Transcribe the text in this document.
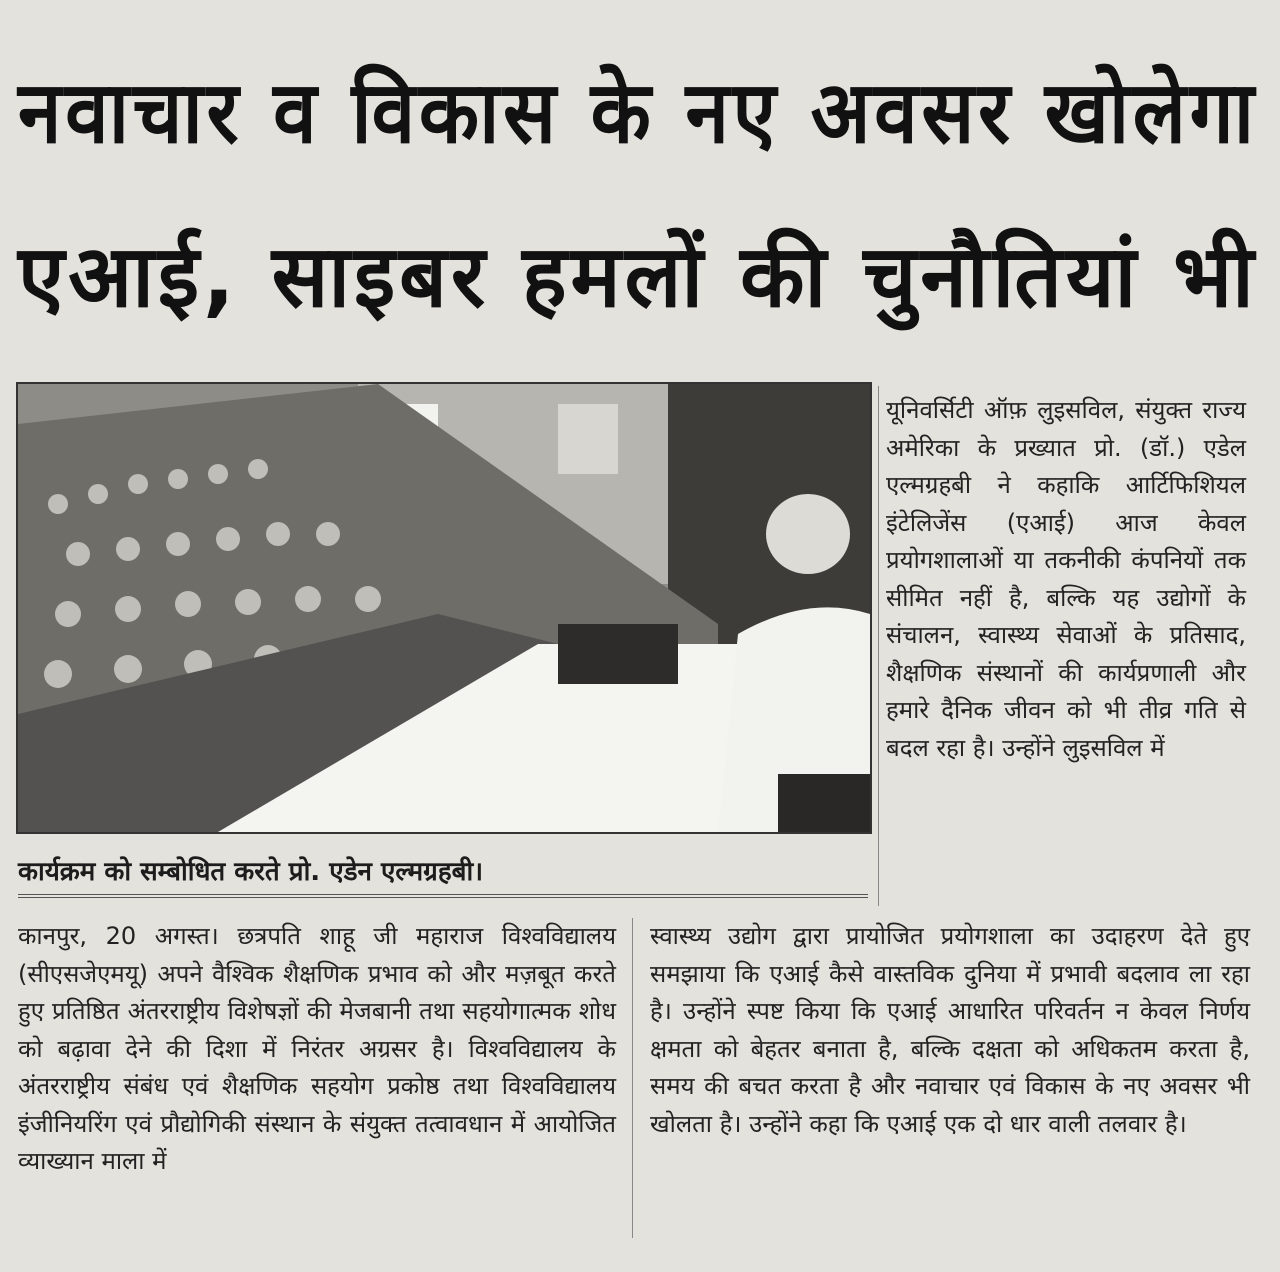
नवाचार व विकास के नए अवसर खोलेगा
एआई, साइबर हमलों की चुनौतियां भी
कार्यक्रम को सम्बोधित करते प्रो. एडेन एल्मग्रहबी।
यूनिवर्सिटी ऑफ़ लुइसविल, संयुक्त राज्य अमेरिका के प्रख्यात प्रो. (डॉ.) एडेल एल्मग्रहबी ने कहाकि आर्टिफिशियल इंटेलिजेंस (एआई) आज केवल प्रयोगशालाओं या तकनीकी कंपनियों तक सीमित नहीं है, बल्कि यह उद्योगों के संचालन, स्वास्थ्य सेवाओं के प्रतिसाद, शैक्षणिक संस्थानों की कार्यप्रणाली और हमारे दैनिक जीवन को भी तीव्र गति से बदल रहा है। उन्होंने लुइसविल में
कानपुर, 20 अगस्त। छत्रपति शाहू जी महाराज विश्वविद्यालय (सीएसजेएमयू) अपने वैश्विक शैक्षणिक प्रभाव को और मज़बूत करते हुए प्रतिष्ठित अंतरराष्ट्रीय विशेषज्ञों की मेजबानी तथा सहयोगात्मक शोध को बढ़ावा देने की दिशा में निरंतर अग्रसर है। विश्वविद्यालय के अंतरराष्ट्रीय संबंध एवं शैक्षणिक सहयोग प्रकोष्ठ तथा विश्वविद्यालय इंजीनियरिंग एवं प्रौद्योगिकी संस्थान के संयुक्त तत्वावधान में आयोजित व्याख्यान माला में
स्वास्थ्य उद्योग द्वारा प्रायोजित प्रयोगशाला का उदाहरण देते हुए समझाया कि एआई कैसे वास्तविक दुनिया में प्रभावी बदलाव ला रहा है। उन्होंने स्पष्ट किया कि एआई आधारित परिवर्तन न केवल निर्णय क्षमता को बेहतर बनाता है, बल्कि दक्षता को अधिकतम करता है, समय की बचत करता है और नवाचार एवं विकास के नए अवसर भी खोलता है। उन्होंने कहा कि एआई एक दो धार वाली तलवार है।
